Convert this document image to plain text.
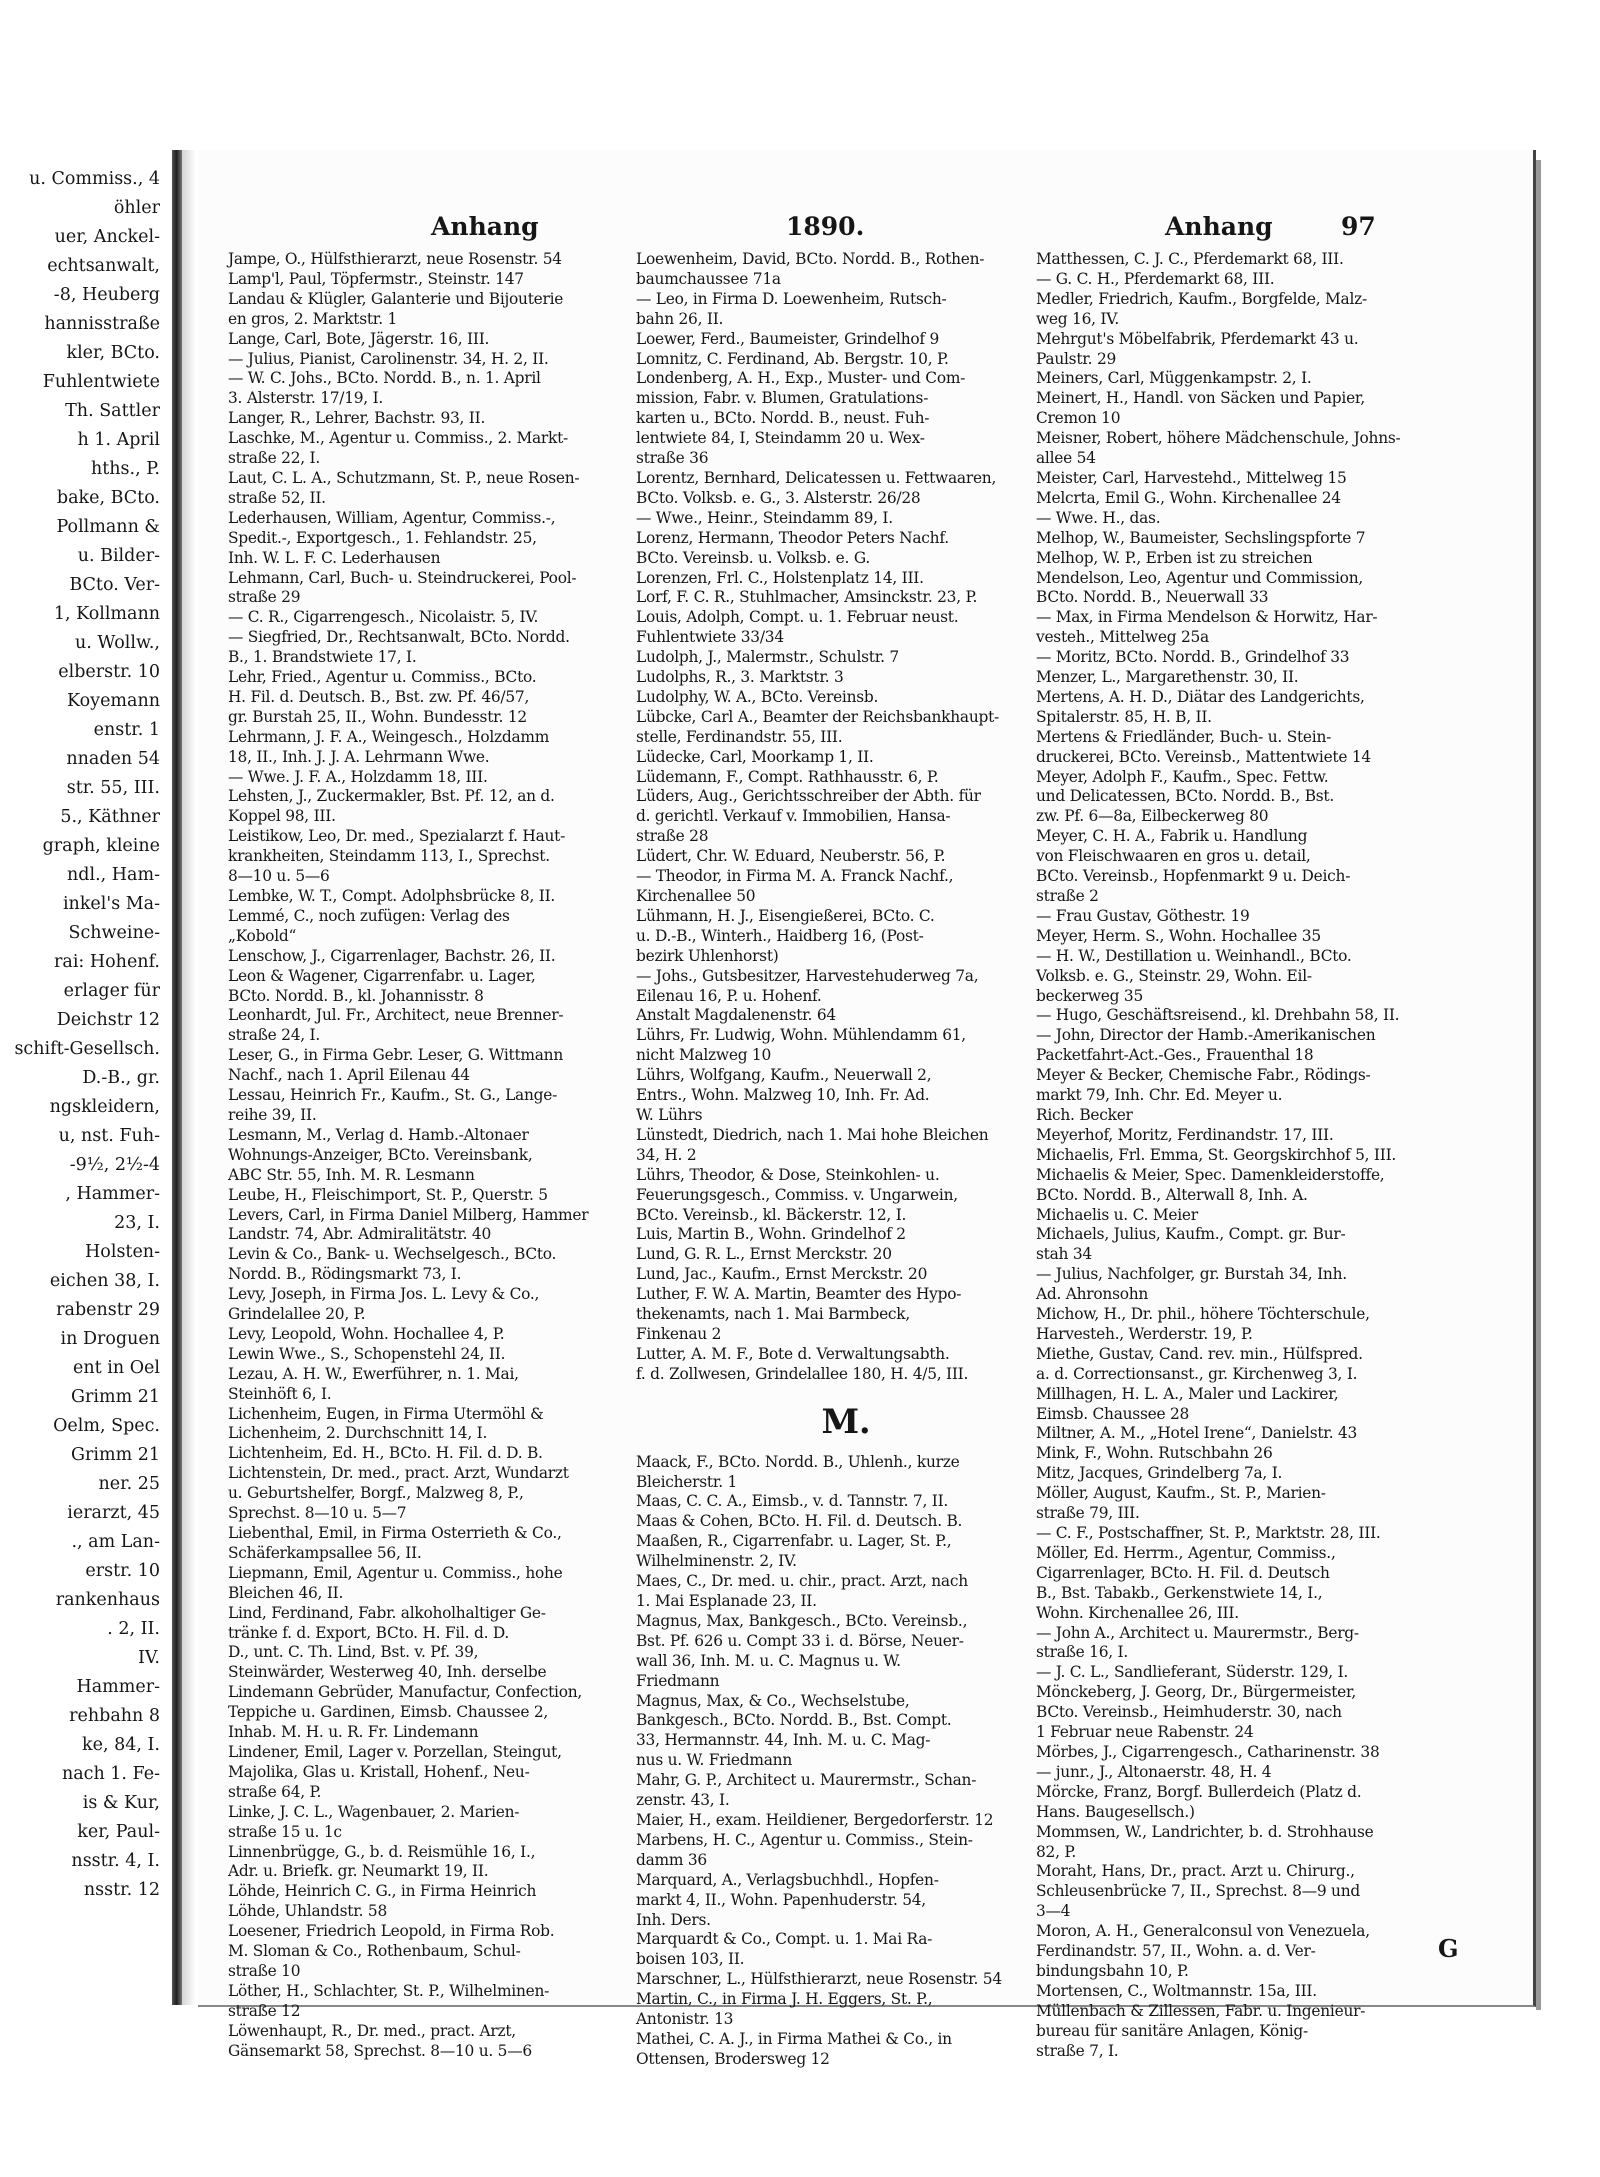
u. Commiss., 4
öhler
uer, Anckel-
echtsanwalt,
-8, Heuberg
hannisstraße
kler, BCto.
Fuhlentwiete
Th. Sattler
h 1. April
hths., P.
bake, BCto.
Pollmann &
u. Bilder-
BCto. Ver-
1, Kollmann
u. Wollw.,
elberstr. 10
Koyemann
enstr. 1
nnaden 54
str. 55, III.
5., Käthner
graph, kleine
ndl., Ham-
inkel's Ma-
Schweine-
rai: Hohenf.
erlager für
Deichstr 12
schift-Gesellsch.
D.-B., gr.
ngskleidern,
u, nst. Fuh-
-9½, 2½-4
, Hammer-
23, I.
Holsten-
eichen 38, I.
rabenstr 29
in Droguen
ent in Oel
Grimm 21
Oelm, Spec.
Grimm 21
ner. 25
ierarzt, 45
., am Lan-
erstr. 10
rankenhaus
. 2, II.
IV.
Hammer-
rehbahn 8
ke, 84, I.
nach 1. Fe-
is & Kur,
ker, Paul-
nsstr. 4, I.
nsstr. 12
Anhang	1890.	Anhang	97
Jampe, O., Hülfsthierarzt, neue Rosenstr. 54
Lamp'l, Paul, Töpfermstr., Steinstr. 147
Landau & Klügler, Galanterie und Bijouterie
en gros, 2. Marktstr. 1
Lange, Carl, Bote, Jägerstr. 16, III.
— Julius, Pianist, Carolinenstr. 34, H. 2, II.
— W. C. Johs., BCto. Nordd. B., n. 1. April
3. Alsterstr. 17/19, I.
Langer, R., Lehrer, Bachstr. 93, II.
Laschke, M., Agentur u. Commiss., 2. Markt-
straße 22, I.
Laut, C. L. A., Schutzmann, St. P., neue Rosen-
straße 52, II.
Lederhausen, William, Agentur, Commiss.-,
Spedit.-, Exportgesch., 1. Fehlandstr. 25,
Inh. W. L. F. C. Lederhausen
Lehmann, Carl, Buch- u. Steindruckerei, Pool-
straße 29
— C. R., Cigarrengesch., Nicolaistr. 5, IV.
— Siegfried, Dr., Rechtsanwalt, BCto. Nordd.
B., 1. Brandstwiete 17, I.
Lehr, Fried., Agentur u. Commiss., BCto.
H. Fil. d. Deutsch. B., Bst. zw. Pf. 46/57,
gr. Burstah 25, II., Wohn. Bundesstr. 12
Lehrmann, J. F. A., Weingesch., Holzdamm
18, II., Inh. J. J. A. Lehrmann Wwe.
— Wwe. J. F. A., Holzdamm 18, III.
Lehsten, J., Zuckermakler, Bst. Pf. 12, an d.
Koppel 98, III.
Leistikow, Leo, Dr. med., Spezialarzt f. Haut-
krankheiten, Steindamm 113, I., Sprechst.
8—10 u. 5—6
Lembke, W. T., Compt. Adolphsbrücke 8, II.
Lemmé, C., noch zufügen: Verlag des
„Kobold“
Lenschow, J., Cigarrenlager, Bachstr. 26, II.
Leon & Wagener, Cigarrenfabr. u. Lager,
BCto. Nordd. B., kl. Johannisstr. 8
Leonhardt, Jul. Fr., Architect, neue Brenner-
straße 24, I.
Leser, G., in Firma Gebr. Leser, G. Wittmann
Nachf., nach 1. April Eilenau 44
Lessau, Heinrich Fr., Kaufm., St. G., Lange-
reihe 39, II.
Lesmann, M., Verlag d. Hamb.-Altonaer
Wohnungs-Anzeiger, BCto. Vereinsbank,
ABC Str. 55, Inh. M. R. Lesmann
Leube, H., Fleischimport, St. P., Querstr. 5
Levers, Carl, in Firma Daniel Milberg, Hammer
Landstr. 74, Abr. Admiralitätstr. 40
Levin & Co., Bank- u. Wechselgesch., BCto.
Nordd. B., Rödingsmarkt 73, I.
Levy, Joseph, in Firma Jos. L. Levy & Co.,
Grindelallee 20, P.
Levy, Leopold, Wohn. Hochallee 4, P.
Lewin Wwe., S., Schopenstehl 24, II.
Lezau, A. H. W., Ewerführer, n. 1. Mai,
Steinhöft 6, I.
Lichenheim, Eugen, in Firma Utermöhl &
Lichenheim, 2. Durchschnitt 14, I.
Lichtenheim, Ed. H., BCto. H. Fil. d. D. B.
Lichtenstein, Dr. med., pract. Arzt, Wundarzt
u. Geburtshelfer, Borgf., Malzweg 8, P.,
Sprechst. 8—10 u. 5—7
Liebenthal, Emil, in Firma Osterrieth & Co.,
Schäferkampsallee 56, II.
Liepmann, Emil, Agentur u. Commiss., hohe
Bleichen 46, II.
Lind, Ferdinand, Fabr. alkoholhaltiger Ge-
tränke f. d. Export, BCto. H. Fil. d. D.
D., unt. C. Th. Lind, Bst. v. Pf. 39,
Steinwärder, Westerweg 40, Inh. derselbe
Lindemann Gebrüder, Manufactur, Confection,
Teppiche u. Gardinen, Eimsb. Chaussee 2,
Inhab. M. H. u. R. Fr. Lindemann
Lindener, Emil, Lager v. Porzellan, Steingut,
Majolika, Glas u. Kristall, Hohenf., Neu-
straße 64, P.
Linke, J. C. L., Wagenbauer, 2. Marien-
straße 15 u. 1c
Linnenbrügge, G., b. d. Reismühle 16, I.,
Adr. u. Briefk. gr. Neumarkt 19, II.
Löhde, Heinrich C. G., in Firma Heinrich
Löhde, Uhlandstr. 58
Loesener, Friedrich Leopold, in Firma Rob.
M. Sloman & Co., Rothenbaum, Schul-
straße 10
Löther, H., Schlachter, St. P., Wilhelminen-
straße 12
Löwenhaupt, R., Dr. med., pract. Arzt,
Gänsemarkt 58, Sprechst. 8—10 u. 5—6
Loewenheim, David, BCto. Nordd. B., Rothen-
baumchaussee 71a
— Leo, in Firma D. Loewenheim, Rutsch-
bahn 26, II.
Loewer, Ferd., Baumeister, Grindelhof 9
Lomnitz, C. Ferdinand, Ab. Bergstr. 10, P.
Londenberg, A. H., Exp., Muster- und Com-
mission, Fabr. v. Blumen, Gratulations-
karten u., BCto. Nordd. B., neust. Fuh-
lentwiete 84, I, Steindamm 20 u. Wex-
straße 36
Lorentz, Bernhard, Delicatessen u. Fettwaaren,
BCto. Volksb. e. G., 3. Alsterstr. 26/28
— Wwe., Heinr., Steindamm 89, I.
Lorenz, Hermann, Theodor Peters Nachf.
BCto. Vereinsb. u. Volksb. e. G.
Lorenzen, Frl. C., Holstenplatz 14, III.
Lorf, F. C. R., Stuhlmacher, Amsinckstr. 23, P.
Louis, Adolph, Compt. u. 1. Februar neust.
Fuhlentwiete 33/34
Ludolph, J., Malermstr., Schulstr. 7
Ludolphs, R., 3. Marktstr. 3
Ludolphy, W. A., BCto. Vereinsb.
Lübcke, Carl A., Beamter der Reichsbankhaupt-
stelle, Ferdinandstr. 55, III.
Lüdecke, Carl, Moorkamp 1, II.
Lüdemann, F., Compt. Rathhausstr. 6, P.
Lüders, Aug., Gerichtsschreiber der Abth. für
d. gerichtl. Verkauf v. Immobilien, Hansa-
straße 28
Lüdert, Chr. W. Eduard, Neuberstr. 56, P.
— Theodor, in Firma M. A. Franck Nachf.,
Kirchenallee 50
Lühmann, H. J., Eisengießerei, BCto. C.
u. D.-B., Winterh., Haidberg 16, (Post-
bezirk Uhlenhorst)
— Johs., Gutsbesitzer, Harvestehuderweg 7a,
Eilenau 16, P. u. Hohenf.
Anstalt Magdalenenstr. 64
Lührs, Fr. Ludwig, Wohn. Mühlendamm 61,
nicht Malzweg 10
Lührs, Wolfgang, Kaufm., Neuerwall 2,
Entrs., Wohn. Malzweg 10, Inh. Fr. Ad.
W. Lührs
Lünstedt, Diedrich, nach 1. Mai hohe Bleichen
34, H. 2
Lührs, Theodor, & Dose, Steinkohlen- u.
Feuerungsgesch., Commiss. v. Ungarwein,
BCto. Vereinsb., kl. Bäckerstr. 12, I.
Luis, Martin B., Wohn. Grindelhof 2
Lund, G. R. L., Ernst Merckstr. 20
Lund, Jac., Kaufm., Ernst Merckstr. 20
Luther, F. W. A. Martin, Beamter des Hypo-
thekenamts, nach 1. Mai Barmbeck,
Finkenau 2
Lutter, A. M. F., Bote d. Verwaltungsabth.
f. d. Zollwesen, Grindelallee 180, H. 4/5, III.
M.
Maack, F., BCto. Nordd. B., Uhlenh., kurze
Bleicherstr. 1
Maas, C. C. A., Eimsb., v. d. Tannstr. 7, II.
Maas & Cohen, BCto. H. Fil. d. Deutsch. B.
Maaßen, R., Cigarrenfabr. u. Lager, St. P.,
Wilhelminenstr. 2, IV.
Maes, C., Dr. med. u. chir., pract. Arzt, nach
1. Mai Esplanade 23, II.
Magnus, Max, Bankgesch., BCto. Vereinsb.,
Bst. Pf. 626 u. Compt 33 i. d. Börse, Neuer-
wall 36, Inh. M. u. C. Magnus u. W.
Friedmann
Magnus, Max, & Co., Wechselstube,
Bankgesch., BCto. Nordd. B., Bst. Compt.
33, Hermannstr. 44, Inh. M. u. C. Mag-
nus u. W. Friedmann
Mahr, G. P., Architect u. Maurermstr., Schan-
zenstr. 43, I.
Maier, H., exam. Heildiener, Bergedorferstr. 12
Marbens, H. C., Agentur u. Commiss., Stein-
damm 36
Marquard, A., Verlagsbuchhdl., Hopfen-
markt 4, II., Wohn. Papenhuderstr. 54,
Inh. Ders.
Marquardt & Co., Compt. u. 1. Mai Ra-
boisen 103, II.
Marschner, L., Hülfsthierarzt, neue Rosenstr. 54
Martin, C., in Firma J. H. Eggers, St. P.,
Antonistr. 13
Mathei, C. A. J., in Firma Mathei & Co., in
Ottensen, Brodersweg 12
Matthessen, C. J. C., Pferdemarkt 68, III.
— G. C. H., Pferdemarkt 68, III.
Medler, Friedrich, Kaufm., Borgfelde, Malz-
weg 16, IV.
Mehrgut's Möbelfabrik, Pferdemarkt 43 u.
Paulstr. 29
Meiners, Carl, Müggenkampstr. 2, I.
Meinert, H., Handl. von Säcken und Papier,
Cremon 10
Meisner, Robert, höhere Mädchenschule, Johns-
allee 54
Meister, Carl, Harvestehd., Mittelweg 15
Melcrta, Emil G., Wohn. Kirchenallee 24
— Wwe. H., das.
Melhop, W., Baumeister, Sechslingspforte 7
Melhop, W. P., Erben ist zu streichen
Mendelson, Leo, Agentur und Commission,
BCto. Nordd. B., Neuerwall 33
— Max, in Firma Mendelson & Horwitz, Har-
vesteh., Mittelweg 25a
— Moritz, BCto. Nordd. B., Grindelhof 33
Menzer, L., Margarethenstr. 30, II.
Mertens, A. H. D., Diätar des Landgerichts,
Spitalerstr. 85, H. B, II.
Mertens & Friedländer, Buch- u. Stein-
druckerei, BCto. Vereinsb., Mattentwiete 14
Meyer, Adolph F., Kaufm., Spec. Fettw.
und Delicatessen, BCto. Nordd. B., Bst.
zw. Pf. 6—8a, Eilbeckerweg 80
Meyer, C. H. A., Fabrik u. Handlung
von Fleischwaaren en gros u. detail,
BCto. Vereinsb., Hopfenmarkt 9 u. Deich-
straße 2
— Frau Gustav, Göthestr. 19
Meyer, Herm. S., Wohn. Hochallee 35
— H. W., Destillation u. Weinhandl., BCto.
Volksb. e. G., Steinstr. 29, Wohn. Eil-
beckerweg 35
— Hugo, Geschäftsreisend., kl. Drehbahn 58, II.
— John, Director der Hamb.-Amerikanischen
Packetfahrt-Act.-Ges., Frauenthal 18
Meyer & Becker, Chemische Fabr., Rödings-
markt 79, Inh. Chr. Ed. Meyer u.
Rich. Becker
Meyerhof, Moritz, Ferdinandstr. 17, III.
Michaelis, Frl. Emma, St. Georgskirchhof 5, III.
Michaelis & Meier, Spec. Damenkleiderstoffe,
BCto. Nordd. B., Alterwall 8, Inh. A.
Michaelis u. C. Meier
Michaels, Julius, Kaufm., Compt. gr. Bur-
stah 34
— Julius, Nachfolger, gr. Burstah 34, Inh.
Ad. Ahronsohn
Michow, H., Dr. phil., höhere Töchterschule,
Harvesteh., Werderstr. 19, P.
Miethe, Gustav, Cand. rev. min., Hülfspred.
a. d. Correctionsanst., gr. Kirchenweg 3, I.
Millhagen, H. L. A., Maler und Lackirer,
Eimsb. Chaussee 28
Miltner, A. M., „Hotel Irene“, Danielstr. 43
Mink, F., Wohn. Rutschbahn 26
Mitz, Jacques, Grindelberg 7a, I.
Möller, August, Kaufm., St. P., Marien-
straße 79, III.
— C. F., Postschaffner, St. P., Marktstr. 28, III.
Möller, Ed. Herrm., Agentur, Commiss.,
Cigarrenlager, BCto. H. Fil. d. Deutsch
B., Bst. Tabakb., Gerkenstwiete 14, I.,
Wohn. Kirchenallee 26, III.
— John A., Architect u. Maurermstr., Berg-
straße 16, I.
— J. C. L., Sandlieferant, Süderstr. 129, I.
Mönckeberg, J. Georg, Dr., Bürgermeister,
BCto. Vereinsb., Heimhuderstr. 30, nach
1 Februar neue Rabenstr. 24
Mörbes, J., Cigarrengesch., Catharinenstr. 38
— junr., J., Altonaerstr. 48, H. 4
Mörcke, Franz, Borgf. Bullerdeich (Platz d.
Hans. Baugesellsch.)
Mommsen, W., Landrichter, b. d. Strohhause
82, P.
Moraht, Hans, Dr., pract. Arzt u. Chirurg.,
Schleusenbrücke 7, II., Sprechst. 8—9 und
3—4
Moron, A. H., Generalconsul von Venezuela,
Ferdinandstr. 57, II., Wohn. a. d. Ver-
bindungsbahn 10, P.
Mortensen, C., Woltmannstr. 15a, III.
Müllenbach & Zillessen, Fabr. u. Ingenieur-
bureau für sanitäre Anlagen, König-
straße 7, I.
G
